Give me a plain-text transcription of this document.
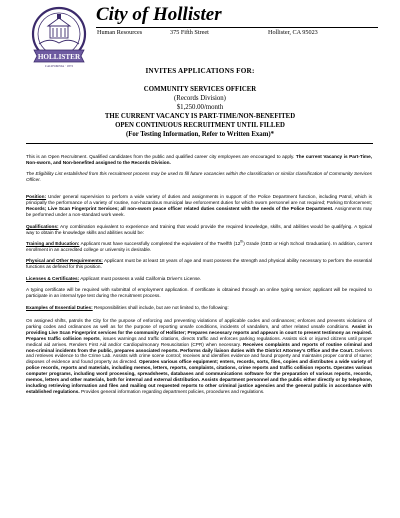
HOLLISTER
CALIFORNIA · 1872
City of Hollister
Human Resources	375 Fifth Street	Hollister, CA 95023
INVITES APPLICATIONS FOR:
COMMUNITY SERVICES OFFICER
(Records Division)
$1,250.00/month
THE CURRENT VACANCY IS PART-TIME/NON-BENEFITED
OPEN CONTINUOUS RECRUITMENT UNTIL FILLED
(For Testing Information, Refer to Written Exam)*
This is an Open Recruitment. Qualified candidates from the public and qualified career city employees are encouraged to apply. The current Vacancy is Part-Time, Non-sworn, and Non-benefited assigned to the Records Division.
The Eligibility List established from this recruitment process may be used to fill future vacancies within the classification or similar classification of Community Services Officer.
Position: Under general supervision to perform a wide variety of duties and assignments in support of the Police Department function, including Patrol, which is principally the performance of a variety of routine, non-hazardous municipal law enforcement duties for which sworn personnel are not required; Parking Enforcement; Records; Live Scan Fingerprint Services; all non-sworn peace officer related duties consistent with the needs of the Police Department. Assignments may be performed under a non-standard work week.
Qualifications: Any combination equivalent to experience and training that would provide the required knowledge, skills, and abilities would be qualifying. A typical way to obtain the knowledge skills and abilities would be:
Training and Education: Applicant must have successfully completed the equivalent of the Twelfth (12th) Grade (GED or High School Graduation). In addition, current enrollment in an accredited college or university is desirable.
Physical and Other Requirements: Applicant must be at least 18 years of age and must possess the strength and physical ability necessary to perform the essential functions as defined for this position.
Licenses & Certificates: Applicant must possess a valid California Driver's License.
A typing certificate will be required with submittal of employment application. If certificate is obtained through an online typing service; applicant will be required to participate in an internal type test during the recruitment process.
Examples of Essential Duties: Responsibilities shall include, but are not limited to, the following:
On assigned shifts, patrols the City for the purpose of enforcing and preventing violations of applicable codes and ordinances; enforces and prevents violations of parking codes and ordinances as well as for the purpose of reporting unsafe conditions, incidents of vandalism, and other related unsafe conditions. Assist in providing Live Scan Fingerprint services for the community of Hollister; Prepares necessary reports and appears in court to present testimony as required. Prepares traffic collision reports, issues warnings and traffic citations, directs traffic and enforces parking regulations. Assists sick or injured citizens until proper medical aid arrives. Renders First Aid and/or Cardiopulmonary Resuscitation (CPR) when necessary. Receives complaints and reports of routine criminal and non-criminal incidents from the public, prepares associated reports. Performs daily liaison duties with the District Attorney's Office and the Court. Delivers and retrieves evidence to the Crime Lab. Assists with crime scene control; receives and identifies evidence and found property and maintains proper control of same; disposes of evidence and found property as directed. Operates various office equipment; enters, records, sorts, files, copies and distributes a wide variety of police records, reports and materials, including memos, letters, reports, complaints, citations, crime reports and traffic collision reports. Operates various computer programs, including word processing, spreadsheets, databases and communications software for the preparation of various reports, records, memos, letters and other materials, both for internal and external distribution. Assists department personnel and the public either directly or by telephone, including retrieving information and files and mailing out requested reports to other criminal justice agencies and the general public in accordance with established regulations. Provides general information regarding department policies, procedures and regulations.
